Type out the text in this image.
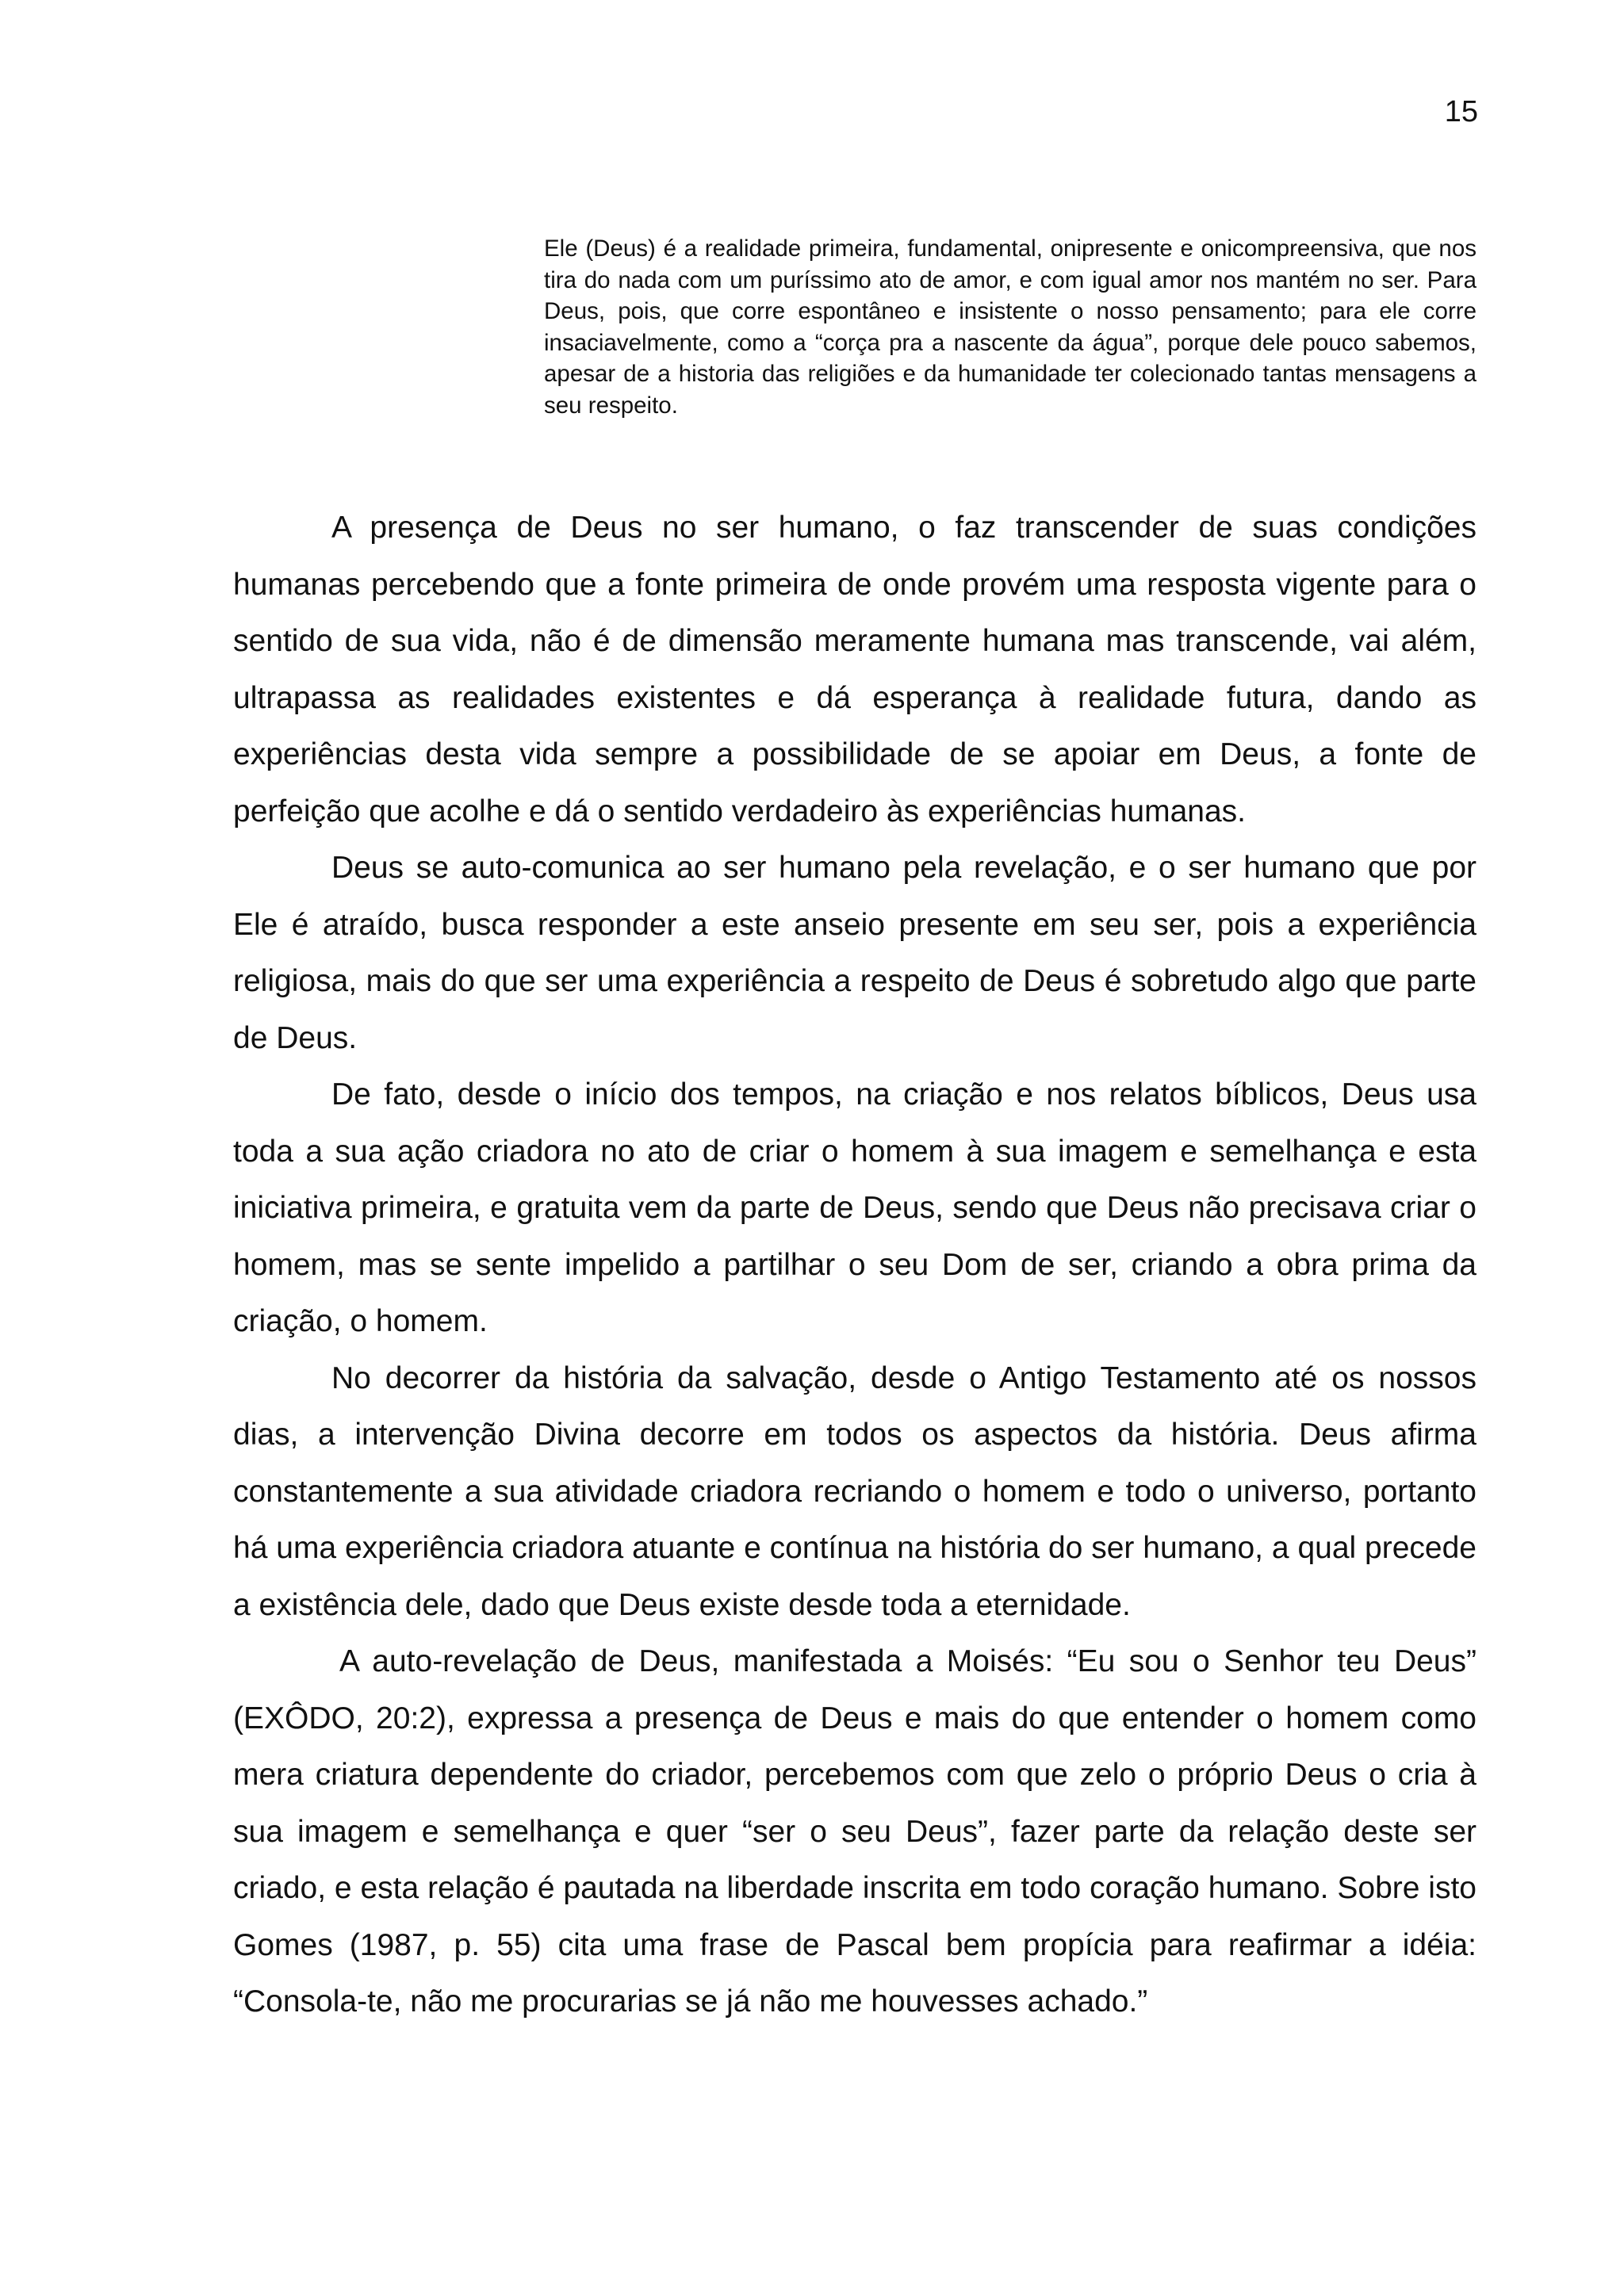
15

Ele (Deus) é a realidade primeira, fundamental, onipresente e onicompreensiva, que nos tira do nada com um puríssimo ato de amor, e com igual amor nos mantém no ser. Para Deus, pois, que corre espontâneo e insistente o nosso pensamento; para ele corre insaciavelmente, como a “corça pra a nascente da água”, porque dele pouco sabemos, apesar de a historia das religiões e da humanidade ter colecionado tantas mensagens a seu respeito.

A presença de Deus no ser humano, o faz transcender de suas condições humanas percebendo que a fonte primeira de onde provém uma resposta vigente para o sentido de sua vida, não é de dimensão meramente humana mas transcende, vai além, ultrapassa as realidades existentes e dá esperança à realidade futura, dando as experiências desta vida sempre a possibilidade de se apoiar em Deus, a fonte de perfeição que acolhe e dá o sentido verdadeiro às experiências humanas.

Deus se auto-comunica ao ser humano pela revelação, e o ser humano que por Ele é atraído, busca responder a este anseio presente em seu ser, pois a experiência religiosa, mais do que ser uma experiência a respeito de Deus é sobretudo algo que parte de Deus.

De fato, desde o início dos tempos, na criação e nos relatos bíblicos, Deus usa toda a sua ação criadora no ato de criar o homem à sua imagem e semelhança e esta iniciativa primeira, e gratuita vem da parte de Deus, sendo que Deus não precisava criar o homem, mas se sente impelido a partilhar o seu Dom de ser, criando a obra prima da criação, o homem.

No decorrer da história da salvação, desde o Antigo Testamento até os nossos dias, a intervenção Divina decorre em todos os aspectos da história. Deus afirma constantemente a sua atividade criadora recriando o homem e todo o universo, portanto há uma experiência criadora atuante e contínua na história do ser humano, a qual precede a existência dele, dado que Deus existe desde toda a eternidade.

A auto-revelação de Deus, manifestada a Moisés: “Eu sou o Senhor teu Deus” (EXÔDO, 20:2), expressa a presença de Deus e mais do que entender o homem como mera criatura dependente do criador, percebemos com que zelo o próprio Deus o cria à sua imagem e semelhança e quer “ser o seu Deus”, fazer parte da relação deste ser criado, e esta relação é pautada na liberdade inscrita em todo coração humano. Sobre isto Gomes (1987, p. 55) cita uma frase de Pascal bem propícia para reafirmar a idéia: “Consola-te, não me procurarias se já não me houvesses achado.”
